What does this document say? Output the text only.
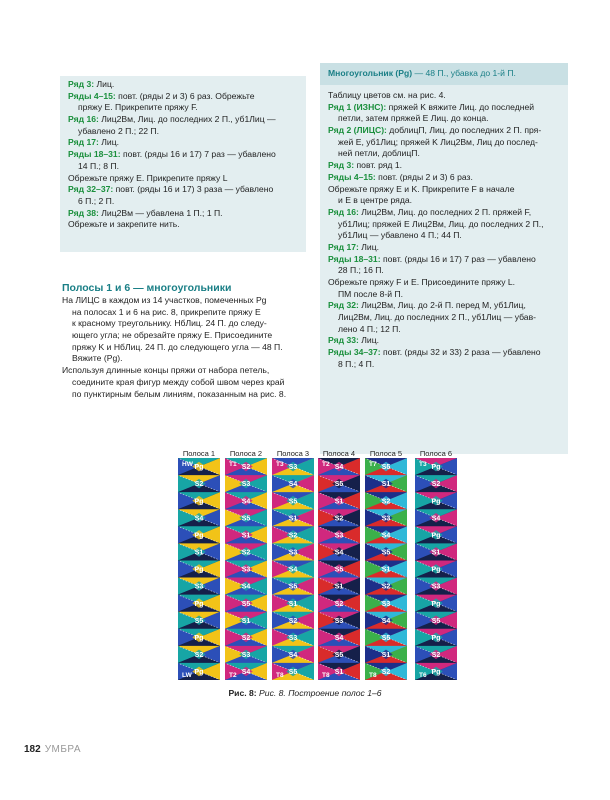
Ряд 3: Лиц.
Ряды 4–15: повт. (ряды 2 и 3) 6 раз. Обрежьте
пряжу E. Прикрепите пряжу F.
Ряд 16: Лиц2Вм, Лиц. до последних 2 П., уб1Лиц —
убавлено 2 П.; 22 П.
Ряд 17: Лиц.
Ряды 18–31: повт. (ряды 16 и 17) 7 раз — убавлено
14 П.; 8 П.
Обрежьте пряжу E. Прикрепите пряжу L
Ряд 32–37: повт. (ряды 16 и 17) 3 раза — убавлено
6 П.; 2 П.
Ряд 38: Лиц2Вм — убавлена 1 П.; 1 П.
Обрежьте и закрепите нить.
Многоугольник (Pg) — 48 П., убавка до 1-й П.
Таблицу цветов см. на рис. 4.
Ряд 1 (ИЗНС): пряжей K вяжите Лиц. до последней
петли, затем пряжей E Лиц. до конца.
Ряд 2 (ЛИЦС): доблицП, Лиц. до последних 2 П. пря-
жей E, уб1Лиц; пряжей K Лиц2Вм, Лиц до послед-
ней петли, доблицП.
Ряд 3: повт. ряд 1.
Ряды 4–15: повт. (ряды 2 и 3) 6 раз.
Обрежьте пряжу E и K. Прикрепите F в начале
и E в центре ряда.
Ряд 16: Лиц2Вм, Лиц. до последних 2 П. пряжей F,
уб1Лиц; пряжей E Лиц2Вм, Лиц. до последних 2 П.,
уб1Лиц — убавлено 4 П.; 44 П.
Ряд 17: Лиц.
Ряды 18–31: повт. (ряды 16 и 17) 7 раз — убавлено
28 П.; 16 П.
Обрежьте пряжу F и E. Присоедините пряжу L.
ПМ после 8-й П.
Ряд 32: Лиц2Вм, Лиц. до 2-й П. перед М, уб1Лиц,
Лиц2Вм, Лиц. до последних 2 П., уб1Лиц — убав-
лено 4 П.; 12 П.
Ряд 33: Лиц.
Ряды 34–37: повт. (ряды 32 и 33) 2 раза — убавлено
8 П.; 4 П.
Полосы 1 и 6 — многоугольники
На ЛИЦС в каждом из 14 участков, помеченных Pg
на полосах 1 и 6 на рис. 8, прикрепите пряжу E
к красному треугольнику. НбЛиц. 24 П. до следу-
ющего угла; не обрезайте пряжу E. Присоедините
пряжу K и НбЛиц. 24 П. до следующего угла — 48 П.
Вяжите (Pg).
Используя длинные концы пряжи от набора петель,
соедините края фигур между собой швом через край
по пунктирным белым линиям, показанным на рис. 8.
Полоса 1 Полоса 2 Полоса 3 Полоса 4 Полоса 5 Полоса 6
Pg
S2
Pg
S4
Pg
S1
Pg
S3
Pg
S5
Pg
S2
Pg
HW
LW
S2
S3
S4
S5
S1
S2
S3
S4
S5
S1
S2
S3
S4
T1
T2
S3
S4
S5
S1
S2
S3
S4
S5
S1
S2
S3
S4
S5
T3
T8
S4
S5
S1
S2
S3
S4
S5
S1
S2
S3
S4
S5
S1
T2
T8
S5
S1
S2
S3
S4
S5
S1
S2
S3
S4
S5
S1
S2
T7
T8
Pg
S2
Pg
S4
Pg
S1
Pg
S3
Pg
S5
Pg
S2
Pg
T3
T6
Рис. 8: Рис. 8. Построение полос 1–6
182 УМБРА
